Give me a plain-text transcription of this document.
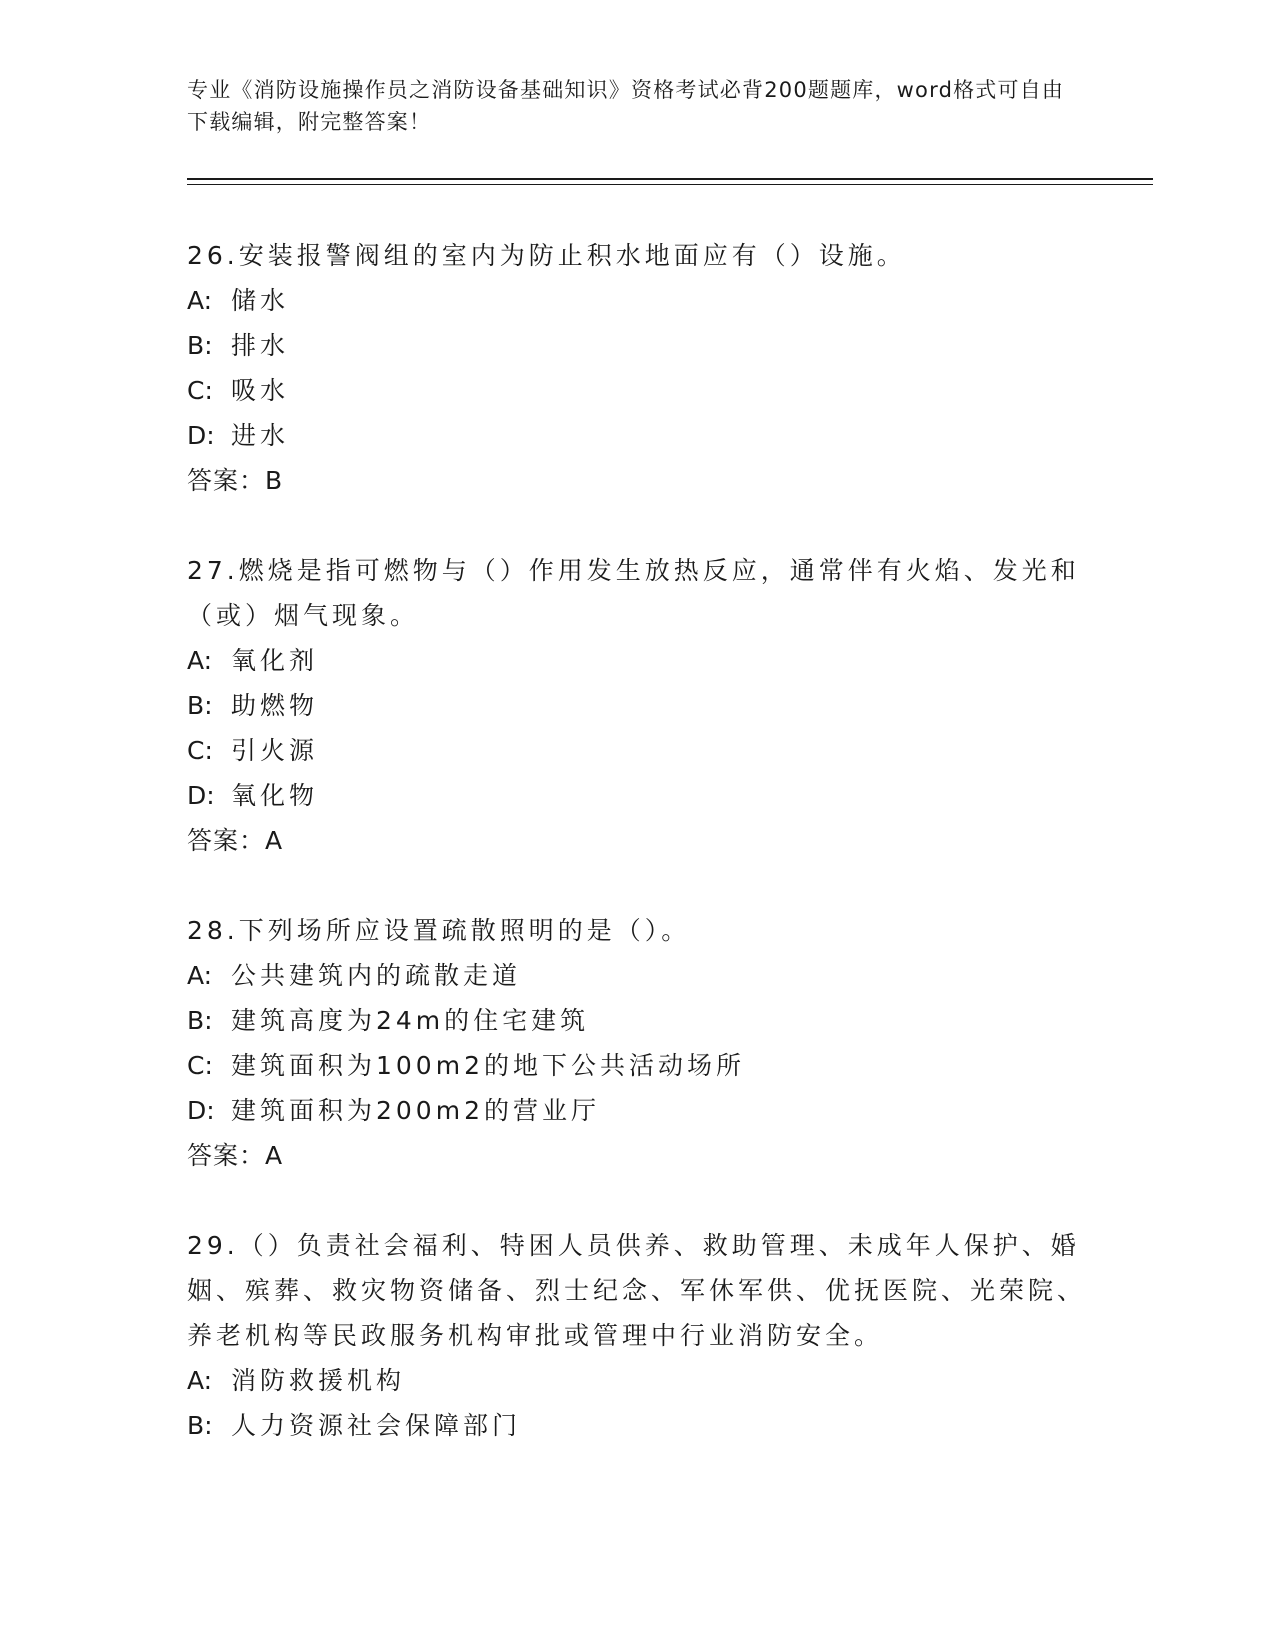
专业《消防设施操作员之消防设备基础知识》资格考试必背200题题库，word格式可自由下载编辑，附完整答案！
26.安装报警阀组的室内为防止积水地面应有（）设施。
A: 储水
B: 排水
C: 吸水
D: 进水
答案：B
27.燃烧是指可燃物与（）作用发生放热反应，通常伴有火焰、发光和（或）烟气现象。
A: 氧化剂
B: 助燃物
C: 引火源
D: 氧化物
答案：A
28.下列场所应设置疏散照明的是（）。
A: 公共建筑内的疏散走道
B: 建筑高度为24m的住宅建筑
C: 建筑面积为100m2的地下公共活动场所
D: 建筑面积为200m2的营业厅
答案：A
29.（）负责社会福利、特困人员供养、救助管理、未成年人保护、婚姻、殡葬、救灾物资储备、烈士纪念、军休军供、优抚医院、光荣院、养老机构等民政服务机构审批或管理中行业消防安全。
A: 消防救援机构
B: 人力资源社会保障部门
